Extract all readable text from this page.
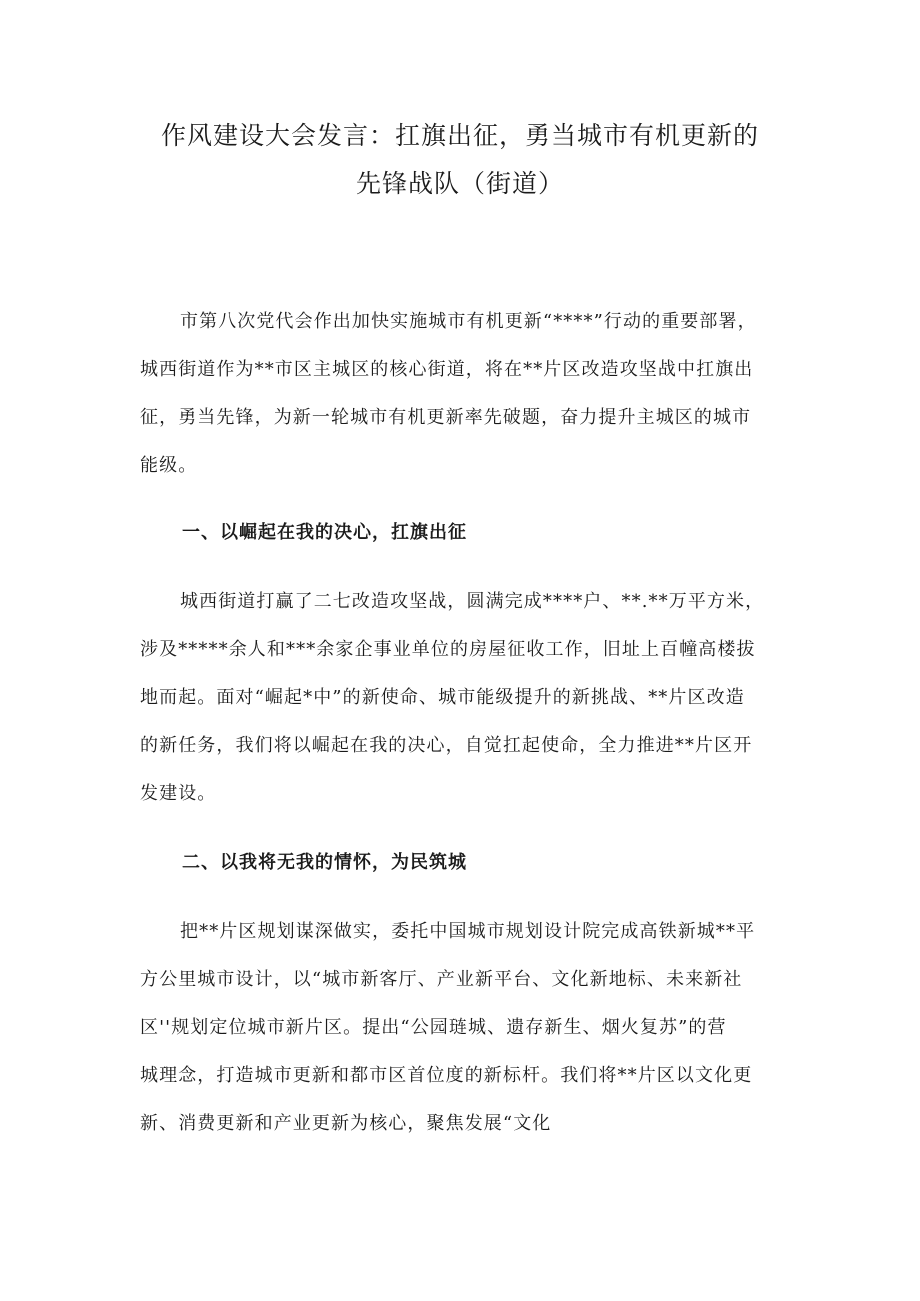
作风建设大会发言：扛旗出征，勇当城市有机更新的
先锋战队（街道）
市第八次党代会作出加快实施城市有机更新“****”行动的重要部署，
城西街道作为**市区主城区的核心街道，将在**片区改造攻坚战中扛旗出
征，勇当先锋，为新一轮城市有机更新率先破题，奋力提升主城区的城市
能级。
一、以崛起在我的决心，扛旗出征
城西街道打赢了二七改造攻坚战，圆满完成****户、**.**万平方米，
涉及*****余人和***余家企事业单位的房屋征收工作，旧址上百幢高楼拔
地而起。面对“崛起*中”的新使命、城市能级提升的新挑战、**片区改造
的新任务，我们将以崛起在我的决心，自觉扛起使命，全力推进**片区开
发建设。
二、以我将无我的情怀，为民筑城
把**片区规划谋深做实，委托中国城市规划设计院完成高铁新城**平
方公里城市设计，以“城市新客厅、产业新平台、文化新地标、未来新社
区''规划定位城市新片区。提出“公园琏城、遗存新生、烟火复苏”的营
城理念，打造城市更新和都市区首位度的新标杆。我们将**片区以文化更
新、消费更新和产业更新为核心，聚焦发展“文化
